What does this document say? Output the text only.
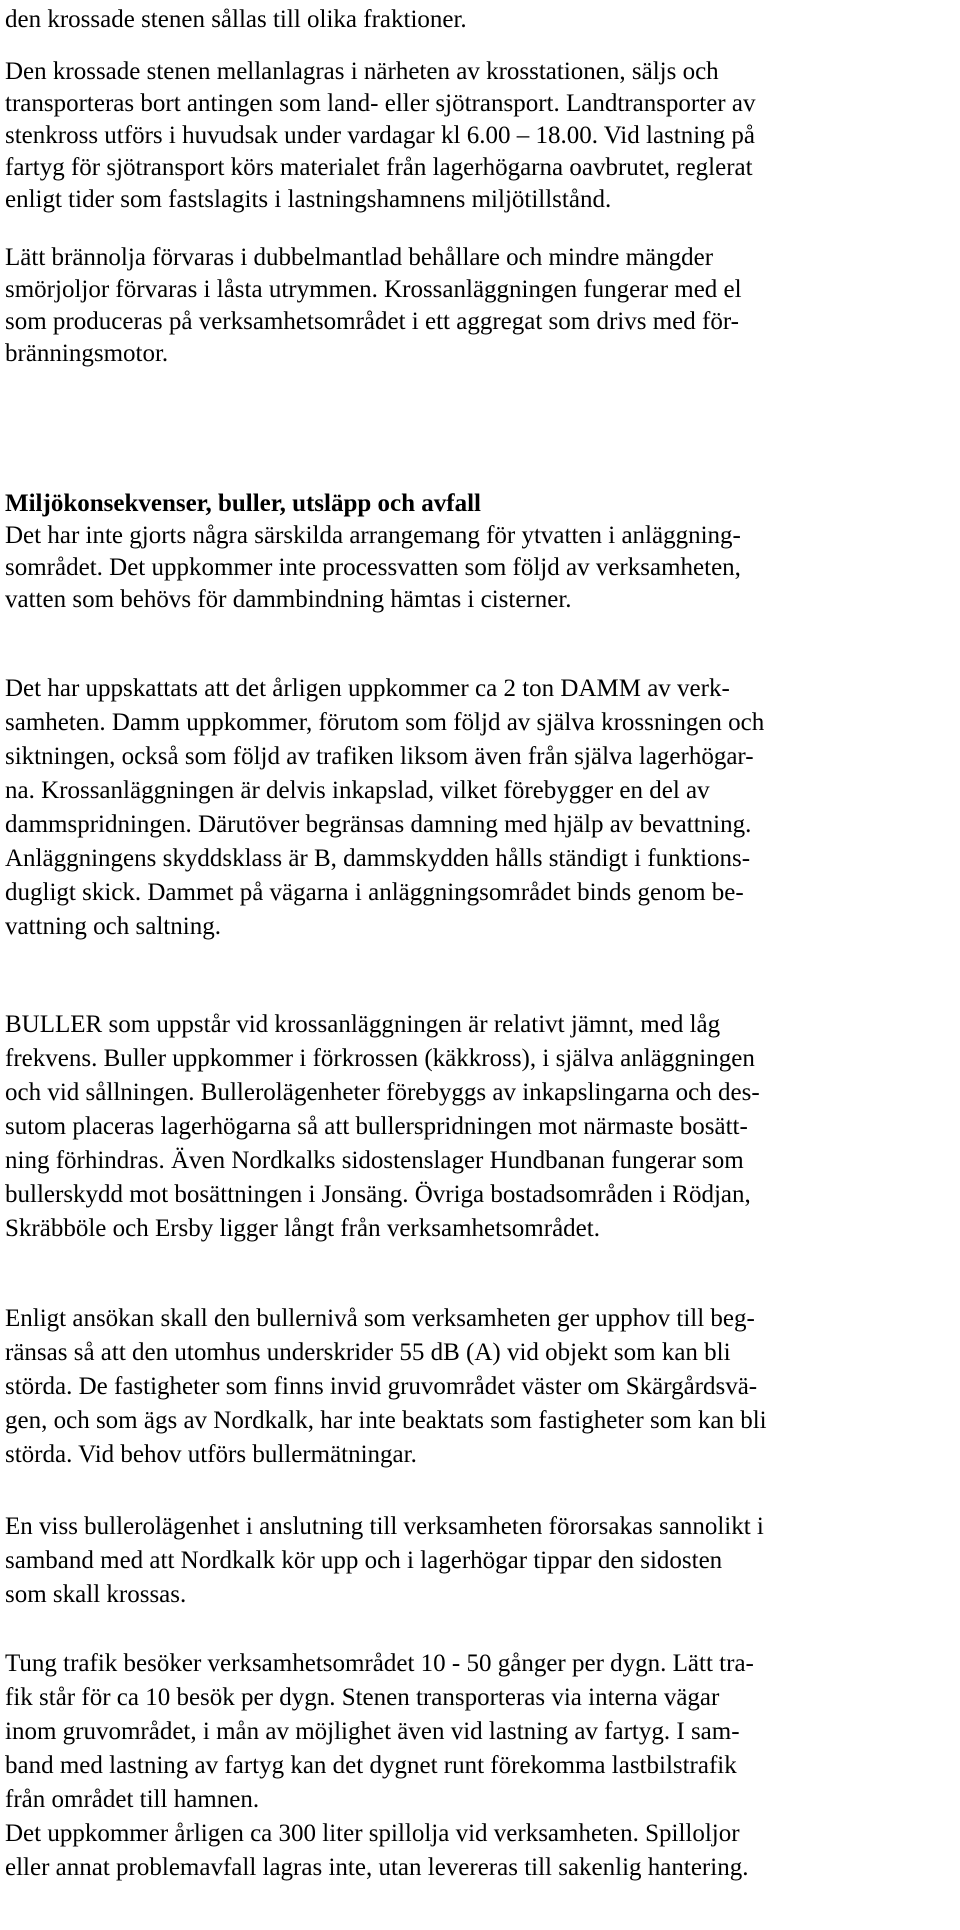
den krossade stenen sållas till olika fraktioner.

Den krossade stenen mellanlagras i närheten av krosstationen, säljs och
transporteras bort antingen som land- eller sjötransport. Landtransporter av
stenkross utförs i huvudsak under vardagar kl 6.00 – 18.00. Vid lastning på
fartyg för sjötransport körs materialet från lagerhögarna oavbrutet, reglerat
enligt tider som fastslagits i lastningshamnens miljötillstånd.

Lätt brännolja förvaras i dubbelmantlad behållare och mindre mängder
smörjoljor förvaras i låsta utrymmen. Krossanläggningen fungerar med el
som produceras på verksamhetsområdet i ett aggregat som drivs med för-
bränningsmotor.

Miljökonsekvenser, buller, utsläpp och avfall
Det har inte gjorts några särskilda arrangemang för ytvatten i anläggning-
sområdet. Det uppkommer inte processvatten som följd av verksamheten,
vatten som behövs för dammbindning hämtas i cisterner.

Det har uppskattats att det årligen uppkommer ca 2 ton DAMM av verk-
samheten. Damm uppkommer, förutom som följd av själva krossningen och
siktningen, också som följd av trafiken liksom även från själva lagerhögar-
na. Krossanläggningen är delvis inkapslad, vilket förebygger en del av
dammspridningen. Därutöver begränsas damning med hjälp av bevattning.
Anläggningens skyddsklass är B, dammskydden hålls ständigt i funktions-
dugligt skick. Dammet på vägarna i anläggningsområdet binds genom be-
vattning och saltning.

BULLER som uppstår vid krossanläggningen är relativt jämnt, med låg
frekvens. Buller uppkommer i förkrossen (käkkross), i själva anläggningen
och vid sållningen. Bullerolägenheter förebyggs av inkapslingarna och des-
sutom placeras lagerhögarna så att bullerspridningen mot närmaste bosätt-
ning förhindras. Även Nordkalks sidostenslager Hundbanan fungerar som
bullerskydd mot bosättningen i Jonsäng. Övriga bostadsområden i Rödjan,
Skräbböle och Ersby ligger långt från verksamhetsområdet.

Enligt ansökan skall den bullernivå som verksamheten ger upphov till beg-
ränsas så att den utomhus underskrider 55 dB (A) vid objekt som kan bli
störda. De fastigheter som finns invid gruvområdet väster om Skärgårdsvä-
gen, och som ägs av Nordkalk, har inte beaktats som fastigheter som kan bli
störda. Vid behov utförs bullermätningar.

En viss bullerolägenhet i anslutning till verksamheten förorsakas sannolikt i
samband med att Nordkalk kör upp och i lagerhögar tippar den sidosten
som skall krossas.

Tung trafik besöker verksamhetsområdet 10 - 50 gånger per dygn. Lätt tra-
fik står för ca 10 besök per dygn. Stenen transporteras via interna vägar
inom gruvområdet, i mån av möjlighet även vid lastning av fartyg. I sam-
band med lastning av fartyg kan det dygnet runt förekomma lastbilstrafik
från området till hamnen.

Det uppkommer årligen ca 300 liter spillolja vid verksamheten. Spilloljor
eller annat problemavfall lagras inte, utan levereras till sakenlig hantering.
